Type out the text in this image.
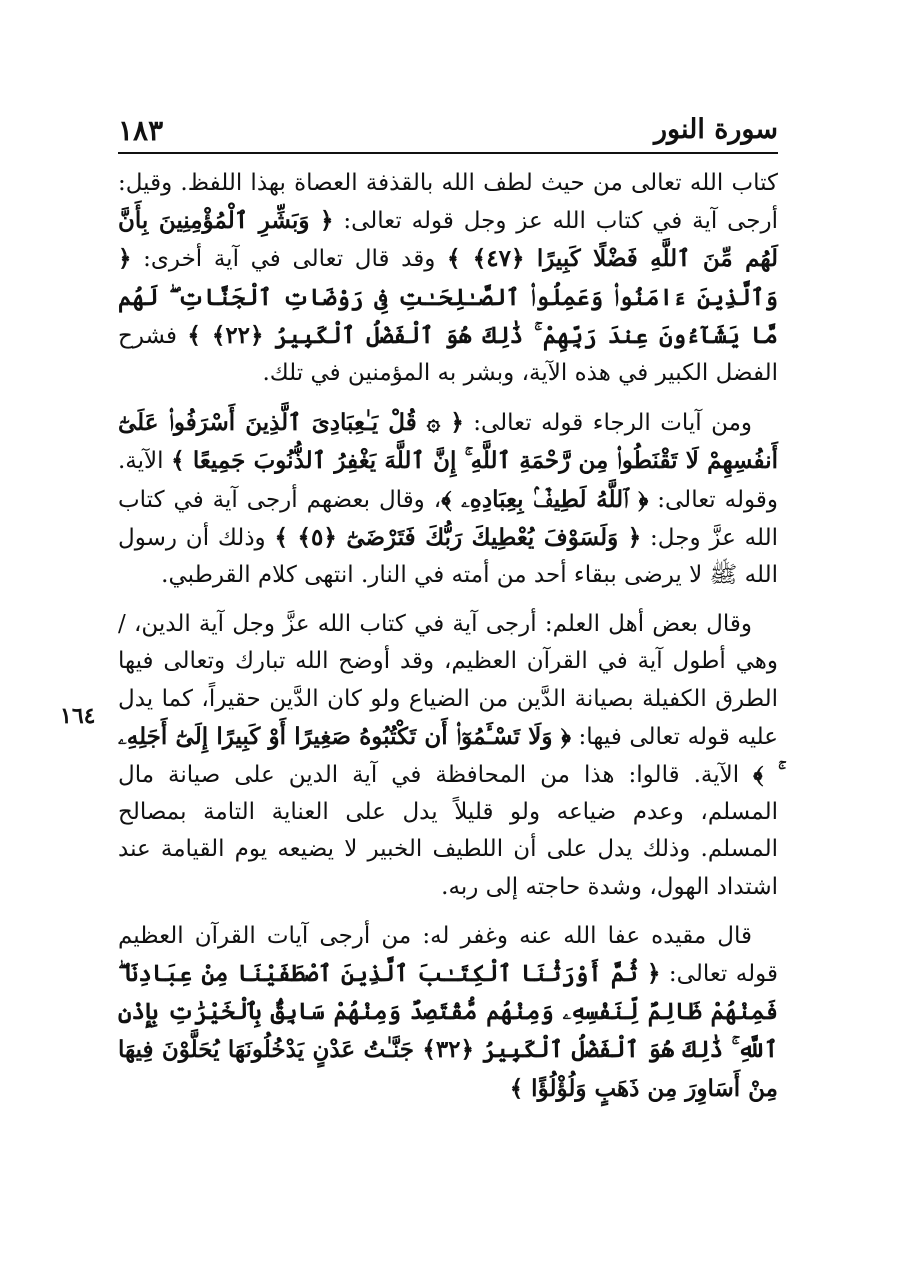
سورة النور
١٨٣
١٦٤

كتاب الله تعالى من حيث لطف الله بالقذفة العصاة بهذا اللفظ. وقيل: أرجى آية في كتاب الله عز وجل قوله تعالى: ﴿ وَبَشِّرِ ٱلْمُؤْمِنِينَ بِأَنَّ لَهُم مِّنَ ٱللَّهِ فَضْلًا كَبِيرًا ﴿٤٧﴾ ﴾ وقد قال تعالى في آية أخرى: ﴿ وَٱلَّذِينَ ءَامَنُوا۟ وَعَمِلُوا۟ ٱلصَّـٰلِحَـٰتِ فِى رَوْضَاتِ ٱلْجَنَّاتِ ۖ لَهُم مَّا يَشَآءُونَ عِندَ رَبِّهِمْ ۚ ذَٰلِكَ هُوَ ٱلْفَضْلُ ٱلْكَبِيرُ ﴿٢٢﴾ ﴾ فشرح الفضل الكبير في هذه الآية، وبشر به المؤمنين في تلك.

ومن آيات الرجاء قوله تعالى: ﴿ ۞ قُلْ يَـٰعِبَادِىَ ٱلَّذِينَ أَسْرَفُوا۟ عَلَىٰٓ أَنفُسِهِمْ لَا تَقْنَطُوا۟ مِن رَّحْمَةِ ٱللَّهِ ۚ إِنَّ ٱللَّهَ يَغْفِرُ ٱلذُّنُوبَ جَمِيعًا ﴾ الآية. وقوله تعالى: ﴿ ٱللَّهُ لَطِيفٌۢ بِعِبَادِهِۦ ﴾، وقال بعضهم أرجى آية في كتاب الله عزَّ وجل: ﴿ وَلَسَوْفَ يُعْطِيكَ رَبُّكَ فَتَرْضَىٰٓ ﴿٥﴾ ﴾ وذلك أن رسول الله ﷺ لا يرضى ببقاء أحد من أمته في النار. انتهى كلام القرطبي.

وقال بعض أهل العلم: أرجى آية في كتاب الله عزَّ وجل آية الدين، /وهي أطول آية في القرآن العظيم، وقد أوضح الله تبارك وتعالى فيها الطرق الكفيلة بصيانة الدَّين من الضياع ولو كان الدَّين حقيراً، كما يدل عليه قوله تعالى فيها: ﴿ وَلَا تَسْـَٔمُوٓا۟ أَن تَكْتُبُوهُ صَغِيرًا أَوْ كَبِيرًا إِلَىٰٓ أَجَلِهِۦ ۚ ﴾ الآية. قالوا: هذا من المحافظة في آية الدين على صيانة مال المسلم، وعدم ضياعه ولو قليلاً يدل على العناية التامة بمصالح المسلم. وذلك يدل على أن اللطيف الخبير لا يضيعه يوم القيامة عند اشتداد الهول، وشدة حاجته إلى ربه.

قال مقيده عفا الله عنه وغفر له: من أرجى آيات القرآن العظيم قوله تعالى: ﴿ ثُمَّ أَوْرَثْنَا ٱلْكِتَـٰبَ ٱلَّذِينَ ٱصْطَفَيْنَا مِنْ عِبَادِنَا ۖ فَمِنْهُمْ ظَالِمٌ لِّنَفْسِهِۦ وَمِنْهُم مُّقْتَصِدٌ وَمِنْهُمْ سَابِقٌۢ بِٱلْخَيْرَٰتِ بِإِذْنِ ٱللَّهِ ۚ ذَٰلِكَ هُوَ ٱلْفَضْلُ ٱلْكَبِيرُ ﴿٣٢﴾ جَنَّـٰتُ عَدْنٍ يَدْخُلُونَهَا يُحَلَّوْنَ فِيهَا مِنْ أَسَاوِرَ مِن ذَهَبٍ وَلُؤْلُؤًا ﴾
